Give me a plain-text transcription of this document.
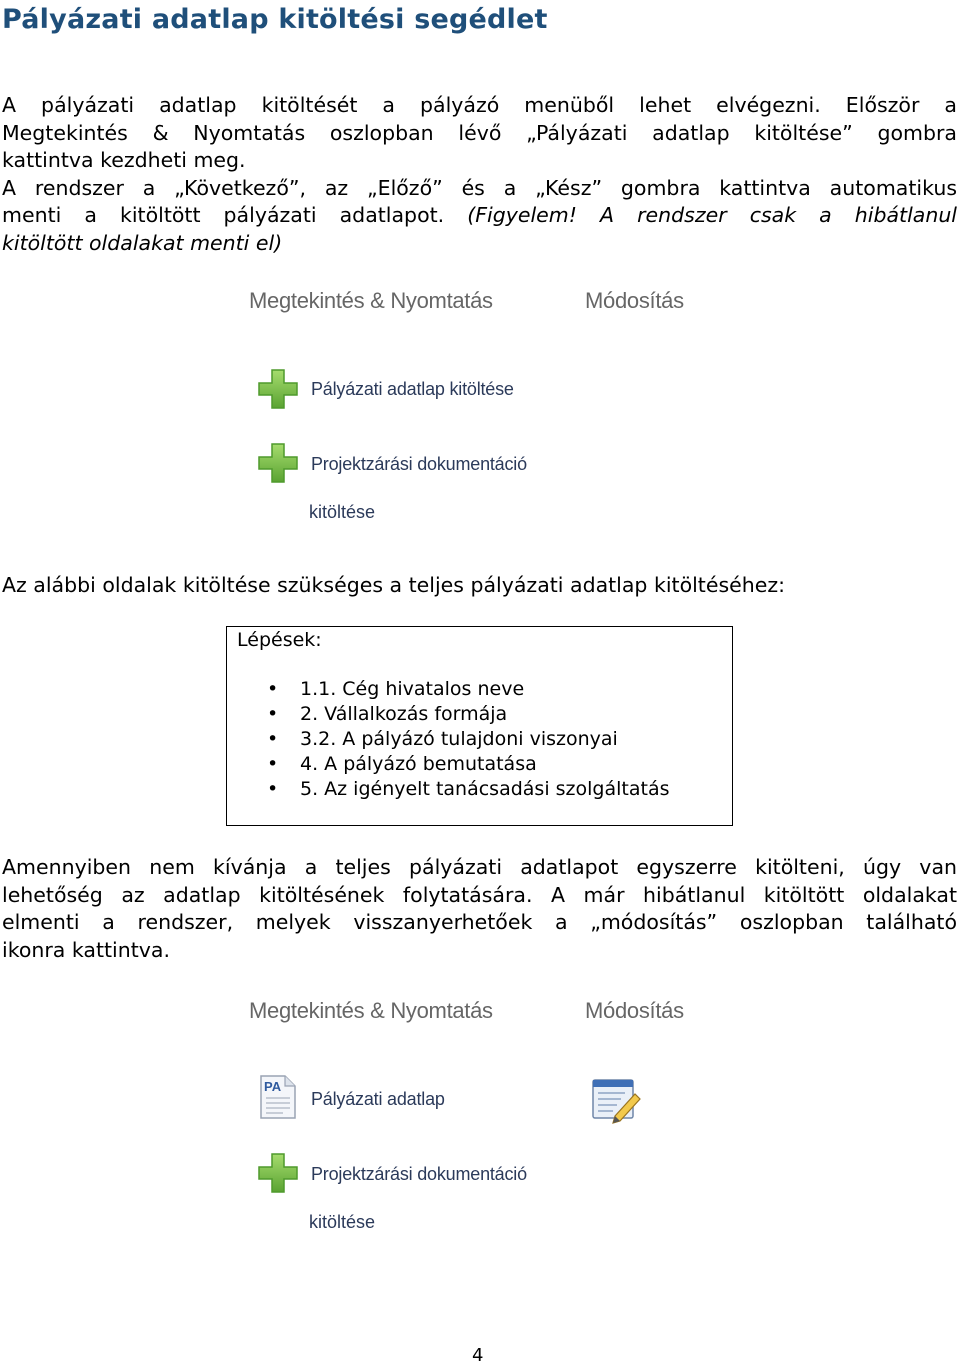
Pályázati adatlap kitöltési segédlet
A pályázati adatlap kitöltését a pályázó menüből lehet elvégezni. Először a
Megtekintés & Nyomtatás oszlopban lévő „Pályázati adatlap kitöltése” gombra
kattintva kezdheti meg.
A rendszer a „Következő”, az „Előző” és a „Kész” gombra kattintva automatikus
menti a kitöltött pályázati adatlapot. (Figyelem! A rendszer csak a hibátlanul
kitöltött oldalakat menti el)
Megtekintés & Nyomtatás	Módosítás
Pályázati adatlap kitöltése
Projektzárási dokumentáció
kitöltése
Az alábbi oldalak kitöltése szükséges a teljes pályázati adatlap kitöltéséhez:
Lépések:
• 1.1. Cég hivatalos neve
• 2. Vállalkozás formája
• 3.2. A pályázó tulajdoni viszonyai
• 4. A pályázó bemutatása
• 5. Az igényelt tanácsadási szolgáltatás
Amennyiben nem kívánja a teljes pályázati adatlapot egyszerre kitölteni, úgy van
lehetőség az adatlap kitöltésének folytatására. A már hibátlanul kitöltött oldalakat
elmenti a rendszer, melyek visszanyerhetőek a „módosítás” oszlopban található
ikonra kattintva.
Megtekintés & Nyomtatás	Módosítás
PA
Pályázati adatlap
Projektzárási dokumentáció
kitöltése
4
